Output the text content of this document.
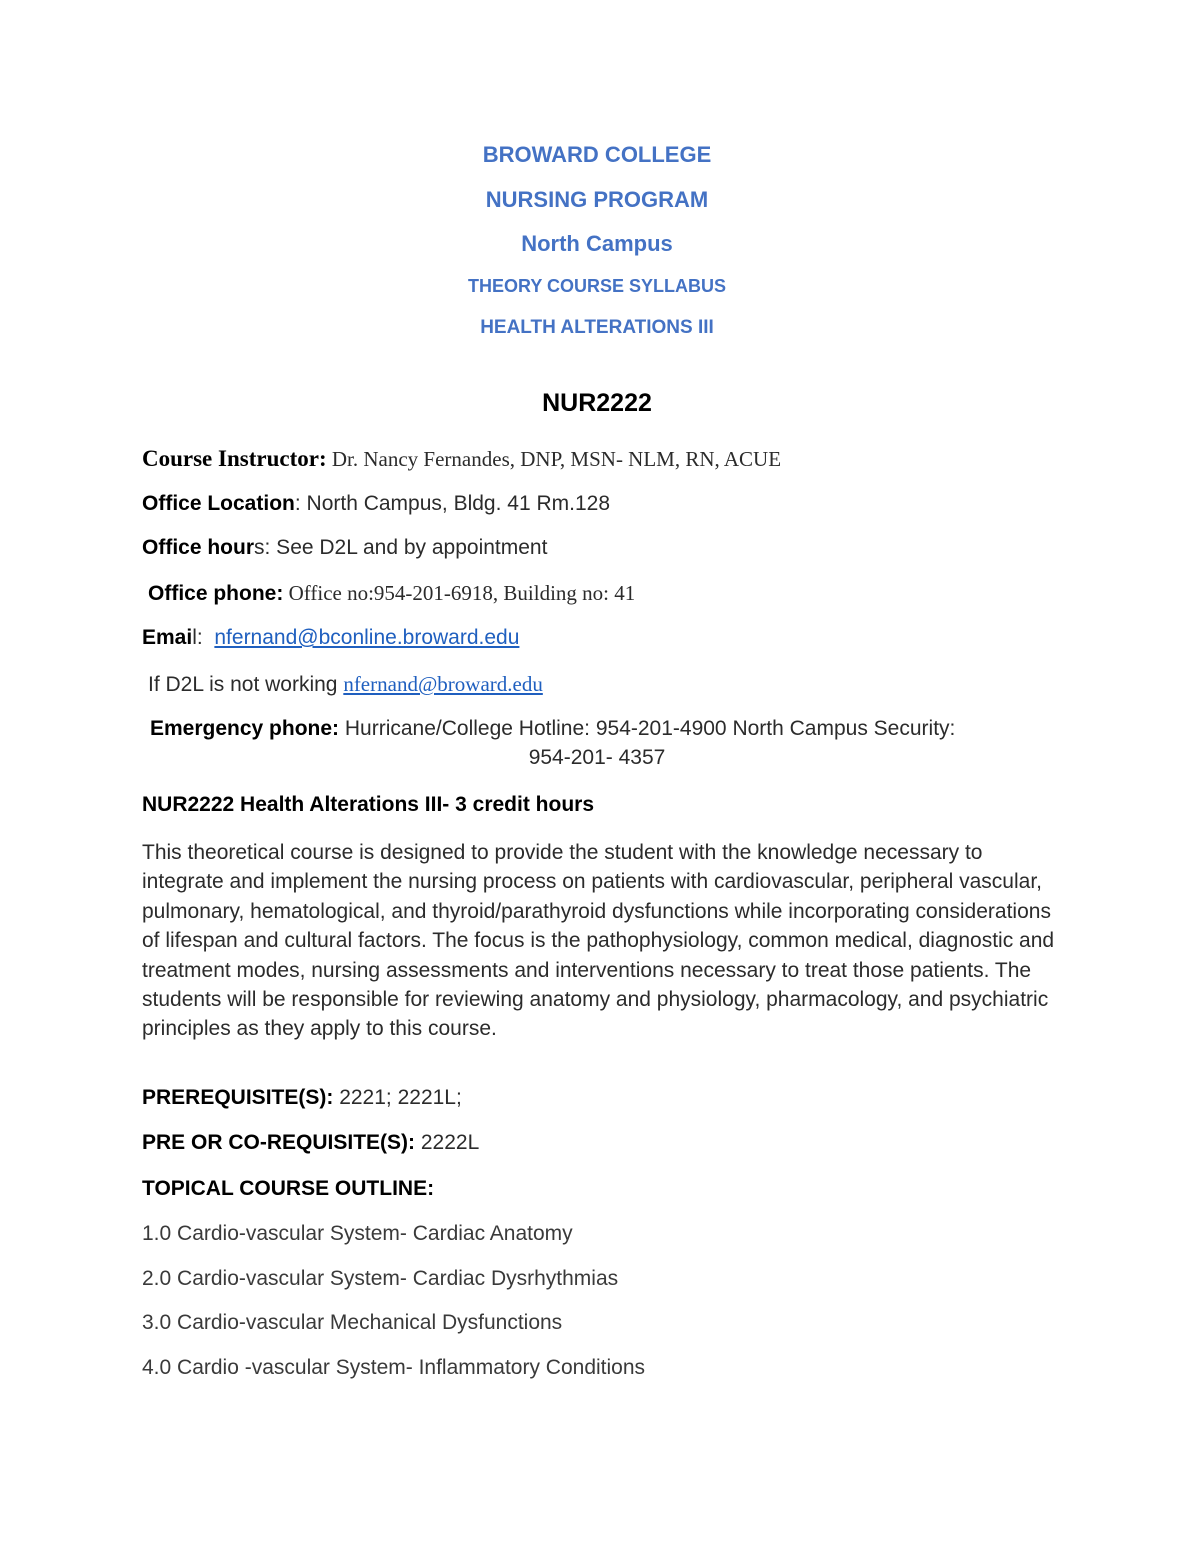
BROWARD COLLEGE
NURSING PROGRAM
North Campus
THEORY COURSE SYLLABUS
HEALTH ALTERATIONS III
NUR2222
Course Instructor: Dr. Nancy Fernandes, DNP, MSN- NLM, RN, ACUE
Office Location: North Campus, Bldg. 41 Rm.128
Office hours: See D2L and by appointment
Office phone: Office no:954-201-6918, Building no: 41
Email:  nfernand@bconline.broward.edu
If D2L is not working nfernand@broward.edu
Emergency phone: Hurricane/College Hotline: 954-201-4900 North Campus Security:
954-201- 4357
NUR2222 Health Alterations III- 3 credit hours
This theoretical course is designed to provide the student with the knowledge necessary to integrate and implement the nursing process on patients with cardiovascular, peripheral vascular, pulmonary, hematological, and thyroid/parathyroid dysfunctions while incorporating considerations of lifespan and cultural factors. The focus is the pathophysiology, common medical, diagnostic and treatment modes, nursing assessments and interventions necessary to treat those patients. The students will be responsible for reviewing anatomy and physiology, pharmacology, and psychiatric principles as they apply to this course.
PREREQUISITE(S): 2221; 2221L;
PRE OR CO-REQUISITE(S): 2222L
TOPICAL COURSE OUTLINE:
1.0 Cardio-vascular System- Cardiac Anatomy
2.0 Cardio-vascular System- Cardiac Dysrhythmias
3.0 Cardio-vascular Mechanical Dysfunctions
4.0 Cardio -vascular System- Inflammatory Conditions
